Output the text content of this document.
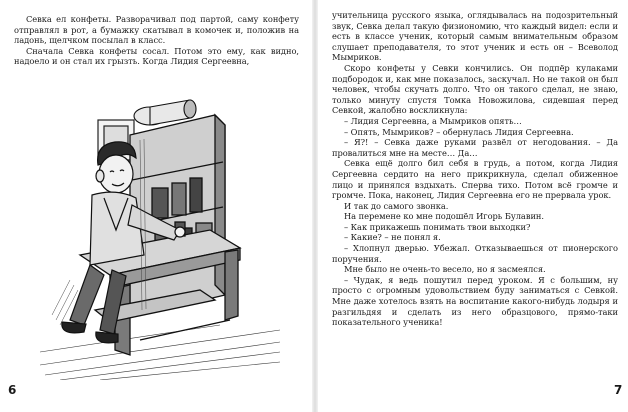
Севка ел конфеты. Разворачивал под партой, саму конфету отправлял в рот, а бумажку скатывал в комочек и, положив на ладонь, щелчком посылал в класс.

Сначала Севка конфеты сосал. Потом это ему, как видно, надоело и он стал их грызть. Когда Лидия Сергеевна,

6

учительница русского языка, оглядывалась на подозрительный звук, Севка делал такую физиономию, что каждый видел: если и есть в классе ученик, который самым внимательным образом слушает преподавателя, то этот ученик и есть он – Всеволод Мымриков.

Скоро конфеты у Севки кончились. Он подпёр кулаками подбородок и, как мне показалось, заскучал. Но не такой он был человек, чтобы скучать долго. Что он такого сделал, не знаю, только минуту спустя Томка Новожилова, сидевшая перед Севкой, жалобно воскликнула:

– Лидия Сергеевна, а Мымриков опять…

– Опять, Мымриков? – обернулась Лидия Сергеевна.

– Я?! – Севка даже руками развёл от негодования. – Да провалиться мне на месте… Да…

Севка ещё долго бил себя в грудь, а потом, когда Лидия Сергеевна сердито на него прикрикнула, сделал обиженное лицо и принялся вздыхать. Сперва тихо. Потом всё громче и громче. Пока, наконец, Лидия Сергеевна его не прервала урок.

И так до самого звонка.

На перемене ко мне подошёл Игорь Булавин.

– Как прикажешь понимать твои выходки?

– Какие? – не понял я.

– Хлопнул дверью. Убежал. Отказываешься от пионерского поручения.

Мне было не очень-то весело, но я засмеялся.

– Чудак, я ведь пошутил перед уроком. Я с большим, ну просто с огромным удовольствием буду заниматься с Севкой. Мне даже хотелось взять на воспитание какого-нибудь лодыря и разгильдяя и сделать из него образцового, прямо-таки показательного ученика!

7
